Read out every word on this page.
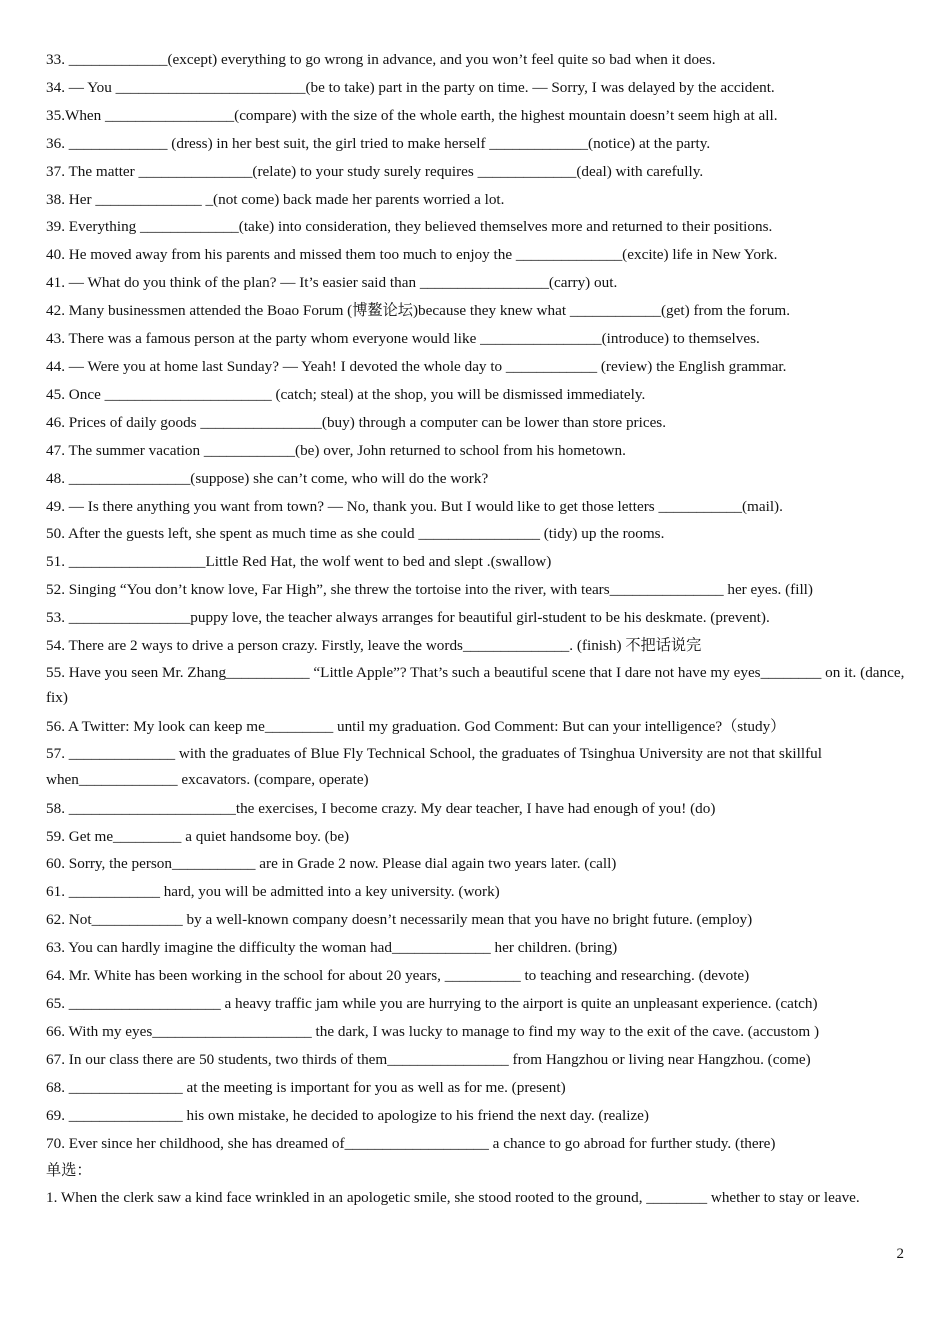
33. _____________(except) everything to go wrong in advance, and you won’t feel quite so bad when it does.
34. — You _________________________(be to take) part in the party on time. — Sorry, I was delayed by the accident.
35.When _________________(compare) with the size of the whole earth, the highest mountain doesn’t seem high at all.
36. _____________ (dress) in her best suit, the girl tried to make herself _____________(notice) at the party.
37. The matter _______________(relate) to your study surely requires _____________(deal) with carefully.
38. Her ______________ _(not come) back made her parents worried a lot.
39. Everything _____________(take) into consideration, they believed themselves more and returned to their positions.
40. He moved away from his parents and missed them too much to enjoy the ______________(excite) life in New York.
41. — What do you think of the plan? — It’s easier said than _________________(carry) out.
42. Many businessmen attended the Boao Forum (博鳌论坛)because they knew what ____________(get) from the forum.
43. There was a famous person at the party whom everyone would like ________________(introduce) to themselves.
44. — Were you at home last Sunday? — Yeah! I devoted the whole day to ____________ (review) the English grammar.
45. Once ______________________ (catch; steal) at the shop, you will be dismissed immediately.
46. Prices of daily goods ________________(buy) through a computer can be lower than store prices.
47. The summer vacation ____________(be) over, John returned to school from his hometown.
48. ________________(suppose) she can’t come, who will do the work?
49. — Is there anything you want from town? — No, thank you. But I would like to get those letters ___________(mail).
50. After the guests left, she spent as much time as she could ________________ (tidy) up the rooms.
51. __________________Little Red Hat, the wolf went to bed and slept .(swallow)
52. Singing “You don’t know love, Far High”, she threw the tortoise into the river, with tears_______________ her eyes. (fill)
53. ________________puppy love, the teacher always arranges for beautiful girl-student to be his deskmate. (prevent).
54. There are 2 ways to drive a person crazy. Firstly, leave the words______________. (finish) 不把话说完
55. Have you seen Mr. Zhang___________ “Little Apple”? That’s such a beautiful scene that I dare not have my eyes________ on it. (dance, fix)
56. A Twitter: My look can keep me_________ until my graduation. God Comment: But can your intelligence?（study）
57. ______________ with the graduates of Blue Fly Technical School, the graduates of Tsinghua University are not that skillful when_____________ excavators. (compare, operate)
58. ______________________the exercises, I become crazy. My dear teacher, I have had enough of you! (do)
59. Get me_________ a quiet handsome boy. (be)
60. Sorry, the person___________ are in Grade 2 now. Please dial again two years later. (call)
61. ____________ hard, you will be admitted into a key university. (work)
62. Not____________ by a well-known company doesn’t necessarily mean that you have no bright future. (employ)
63. You can hardly imagine the difficulty the woman had_____________ her children. (bring)
64. Mr. White has been working in the school for about 20 years, __________ to teaching and researching. (devote)
65. ____________________ a heavy traffic jam while you are hurrying to the airport is quite an unpleasant experience. (catch)
66. With my eyes_____________________ the dark, I was lucky to manage to find my way to the exit of the cave. (accustom )
67. In our class there are 50 students, two thirds of them________________ from Hangzhou or living near Hangzhou. (come)
68. _______________ at the meeting is important for you as well as for me. (present)
69. _______________ his own mistake, he decided to apologize to his friend the next day. (realize)
70. Ever since her childhood, she has dreamed of___________________ a chance to go abroad for further study. (there)
单选：
1. When the clerk saw a kind face wrinkled in an apologetic smile, she stood rooted to the ground, ________ whether to stay or leave.
2
